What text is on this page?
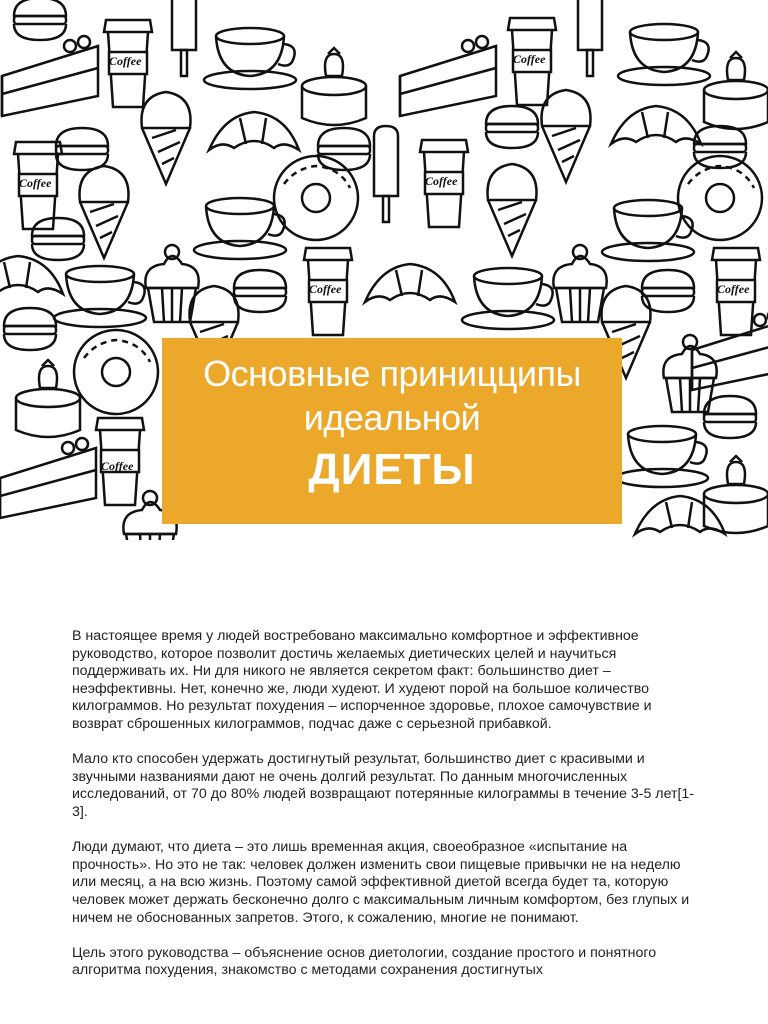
Coffee	Coffee
Coffee	Coffee
Coffee	Coffee
Coffee
Основные приницципы
идеальной
ДИЕТЫ

В настоящее время у людей востребовано максимально комфортное и эффективное руководство, которое позволит достичь желаемых диетических целей и научиться поддерживать их. Ни для никого не является секретом факт: большинство диет – неэффективны. Нет, конечно же, люди худеют. И худеют порой на большое количество килограммов. Но результат похудения – испорченное здоровье, плохое самочувствие и возврат сброшенных килограммов, подчас даже с серьезной прибавкой.

Мало кто способен удержать достигнутый результат, большинство диет с красивыми и звучными названиями дают не очень долгий результат. По данным многочисленных исследований, от 70 до 80% людей возвращают потерянные килограммы в течение 3-5 лет[1-3].

Люди думают, что диета – это лишь временная акция, своеобразное «испытание на прочность». Но это не так: человек должен изменить свои пищевые привычки не на неделю или месяц, а на всю жизнь. Поэтому самой эффективной диетой всегда будет та, которую человек может держать бесконечно долго с максимальным личным комфортом, без глупых и ничем не обоснованных запретов. Этого, к сожалению, многие не понимают.

Цель этого руководства – объяснение основ диетологии, создание простого и понятного алгоритма похудения, знакомство с методами сохранения достигнутых
